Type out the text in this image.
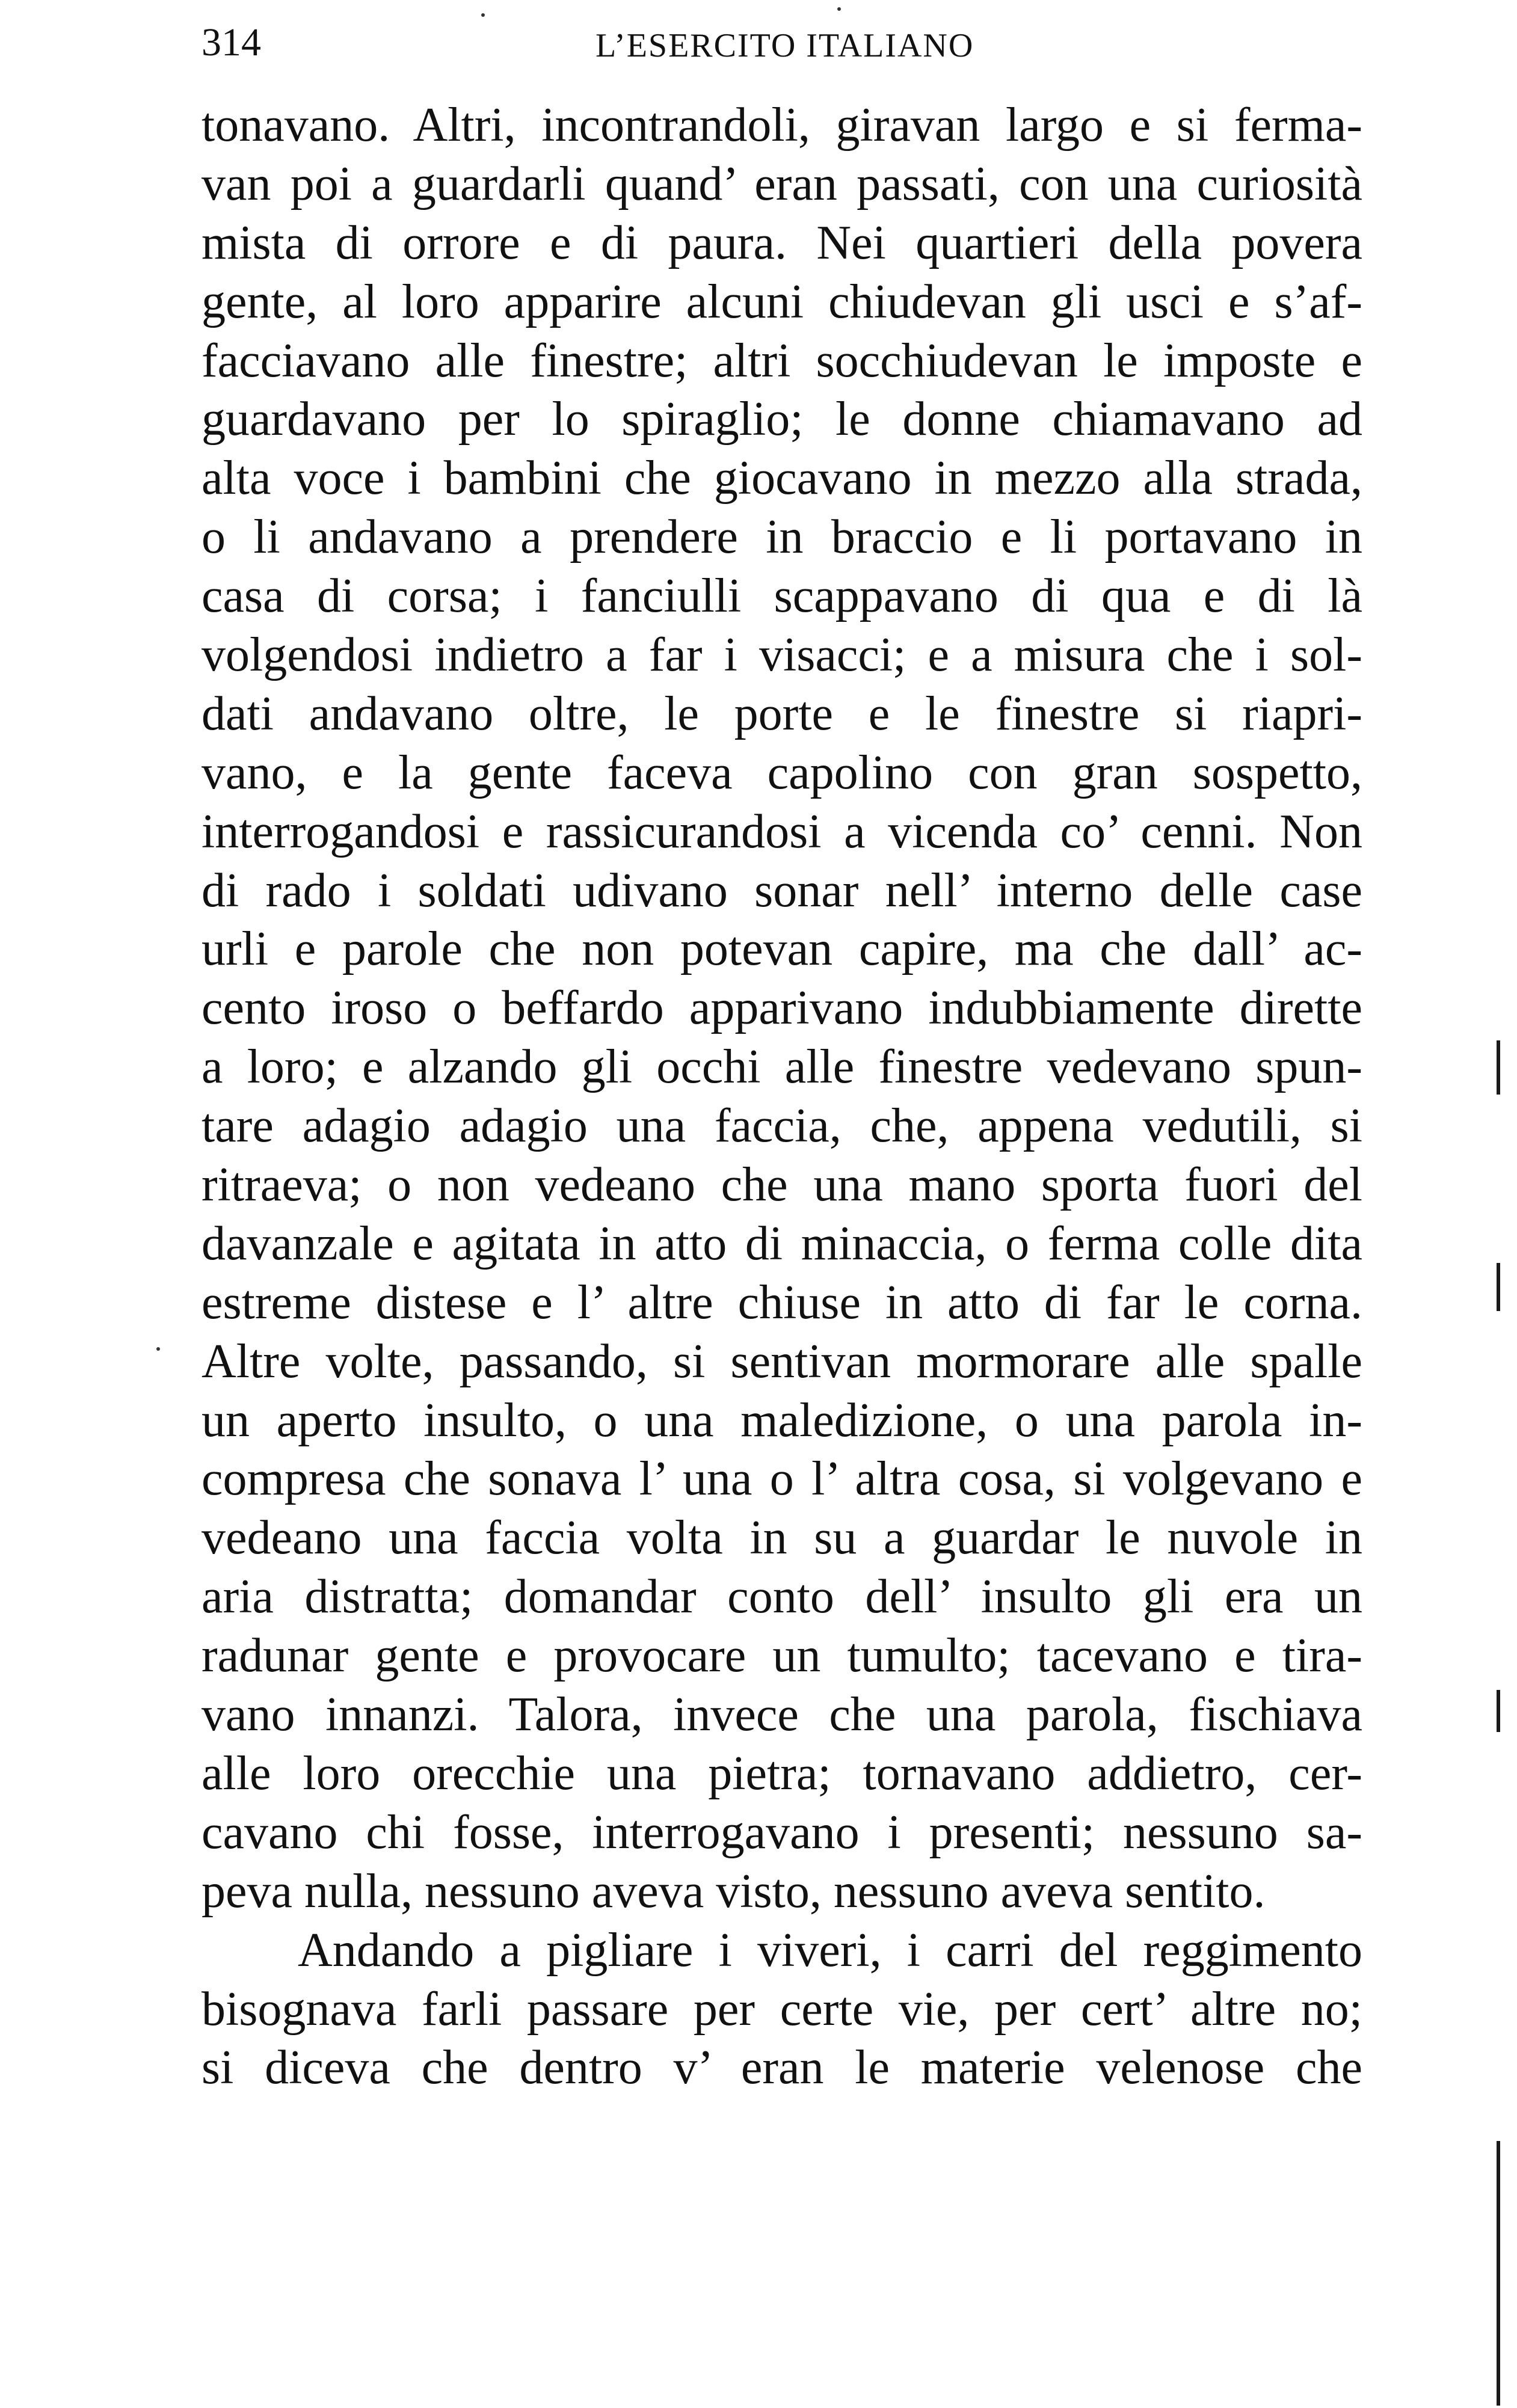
314	L’ESERCITO ITALIANO
tonavano. Altri, incontrandoli, giravan largo e si ferma-
van poi a guardarli quand’ eran passati, con una curiosità
mista di orrore e di paura. Nei quartieri della povera
gente, al loro apparire alcuni chiudevan gli usci e s’af-
facciavano alle finestre; altri socchiudevan le imposte e
guardavano per lo spiraglio; le donne chiamavano ad
alta voce i bambini che giocavano in mezzo alla strada,
o li andavano a prendere in braccio e li portavano in
casa di corsa; i fanciulli scappavano di qua e di là
volgendosi indietro a far i visacci; e a misura che i sol-
dati andavano oltre, le porte e le finestre si riapri-
vano, e la gente faceva capolino con gran sospetto,
interrogandosi e rassicurandosi a vicenda co’ cenni. Non
di rado i soldati udivano sonar nell’ interno delle case
urli e parole che non potevan capire, ma che dall’ ac-
cento iroso o beffardo apparivano indubbiamente dirette
a loro; e alzando gli occhi alle finestre vedevano spun-
tare adagio adagio una faccia, che, appena vedutili, si
ritraeva; o non vedeano che una mano sporta fuori del
davanzale e agitata in atto di minaccia, o ferma colle dita
estreme distese e l’ altre chiuse in atto di far le corna.
Altre volte, passando, si sentivan mormorare alle spalle
un aperto insulto, o una maledizione, o una parola in-
compresa che sonava l’ una o l’ altra cosa, si volgevano e
vedeano una faccia volta in su a guardar le nuvole in
aria distratta; domandar conto dell’ insulto gli era un
radunar gente e provocare un tumulto; tacevano e tira-
vano innanzi. Talora, invece che una parola, fischiava
alle loro orecchie una pietra; tornavano addietro, cer-
cavano chi fosse, interrogavano i presenti; nessuno sa-
peva nulla, nessuno aveva visto, nessuno aveva sentito.
Andando a pigliare i viveri, i carri del reggimento
bisognava farli passare per certe vie, per cert’ altre no;
si diceva che dentro v’ eran le materie velenose che
